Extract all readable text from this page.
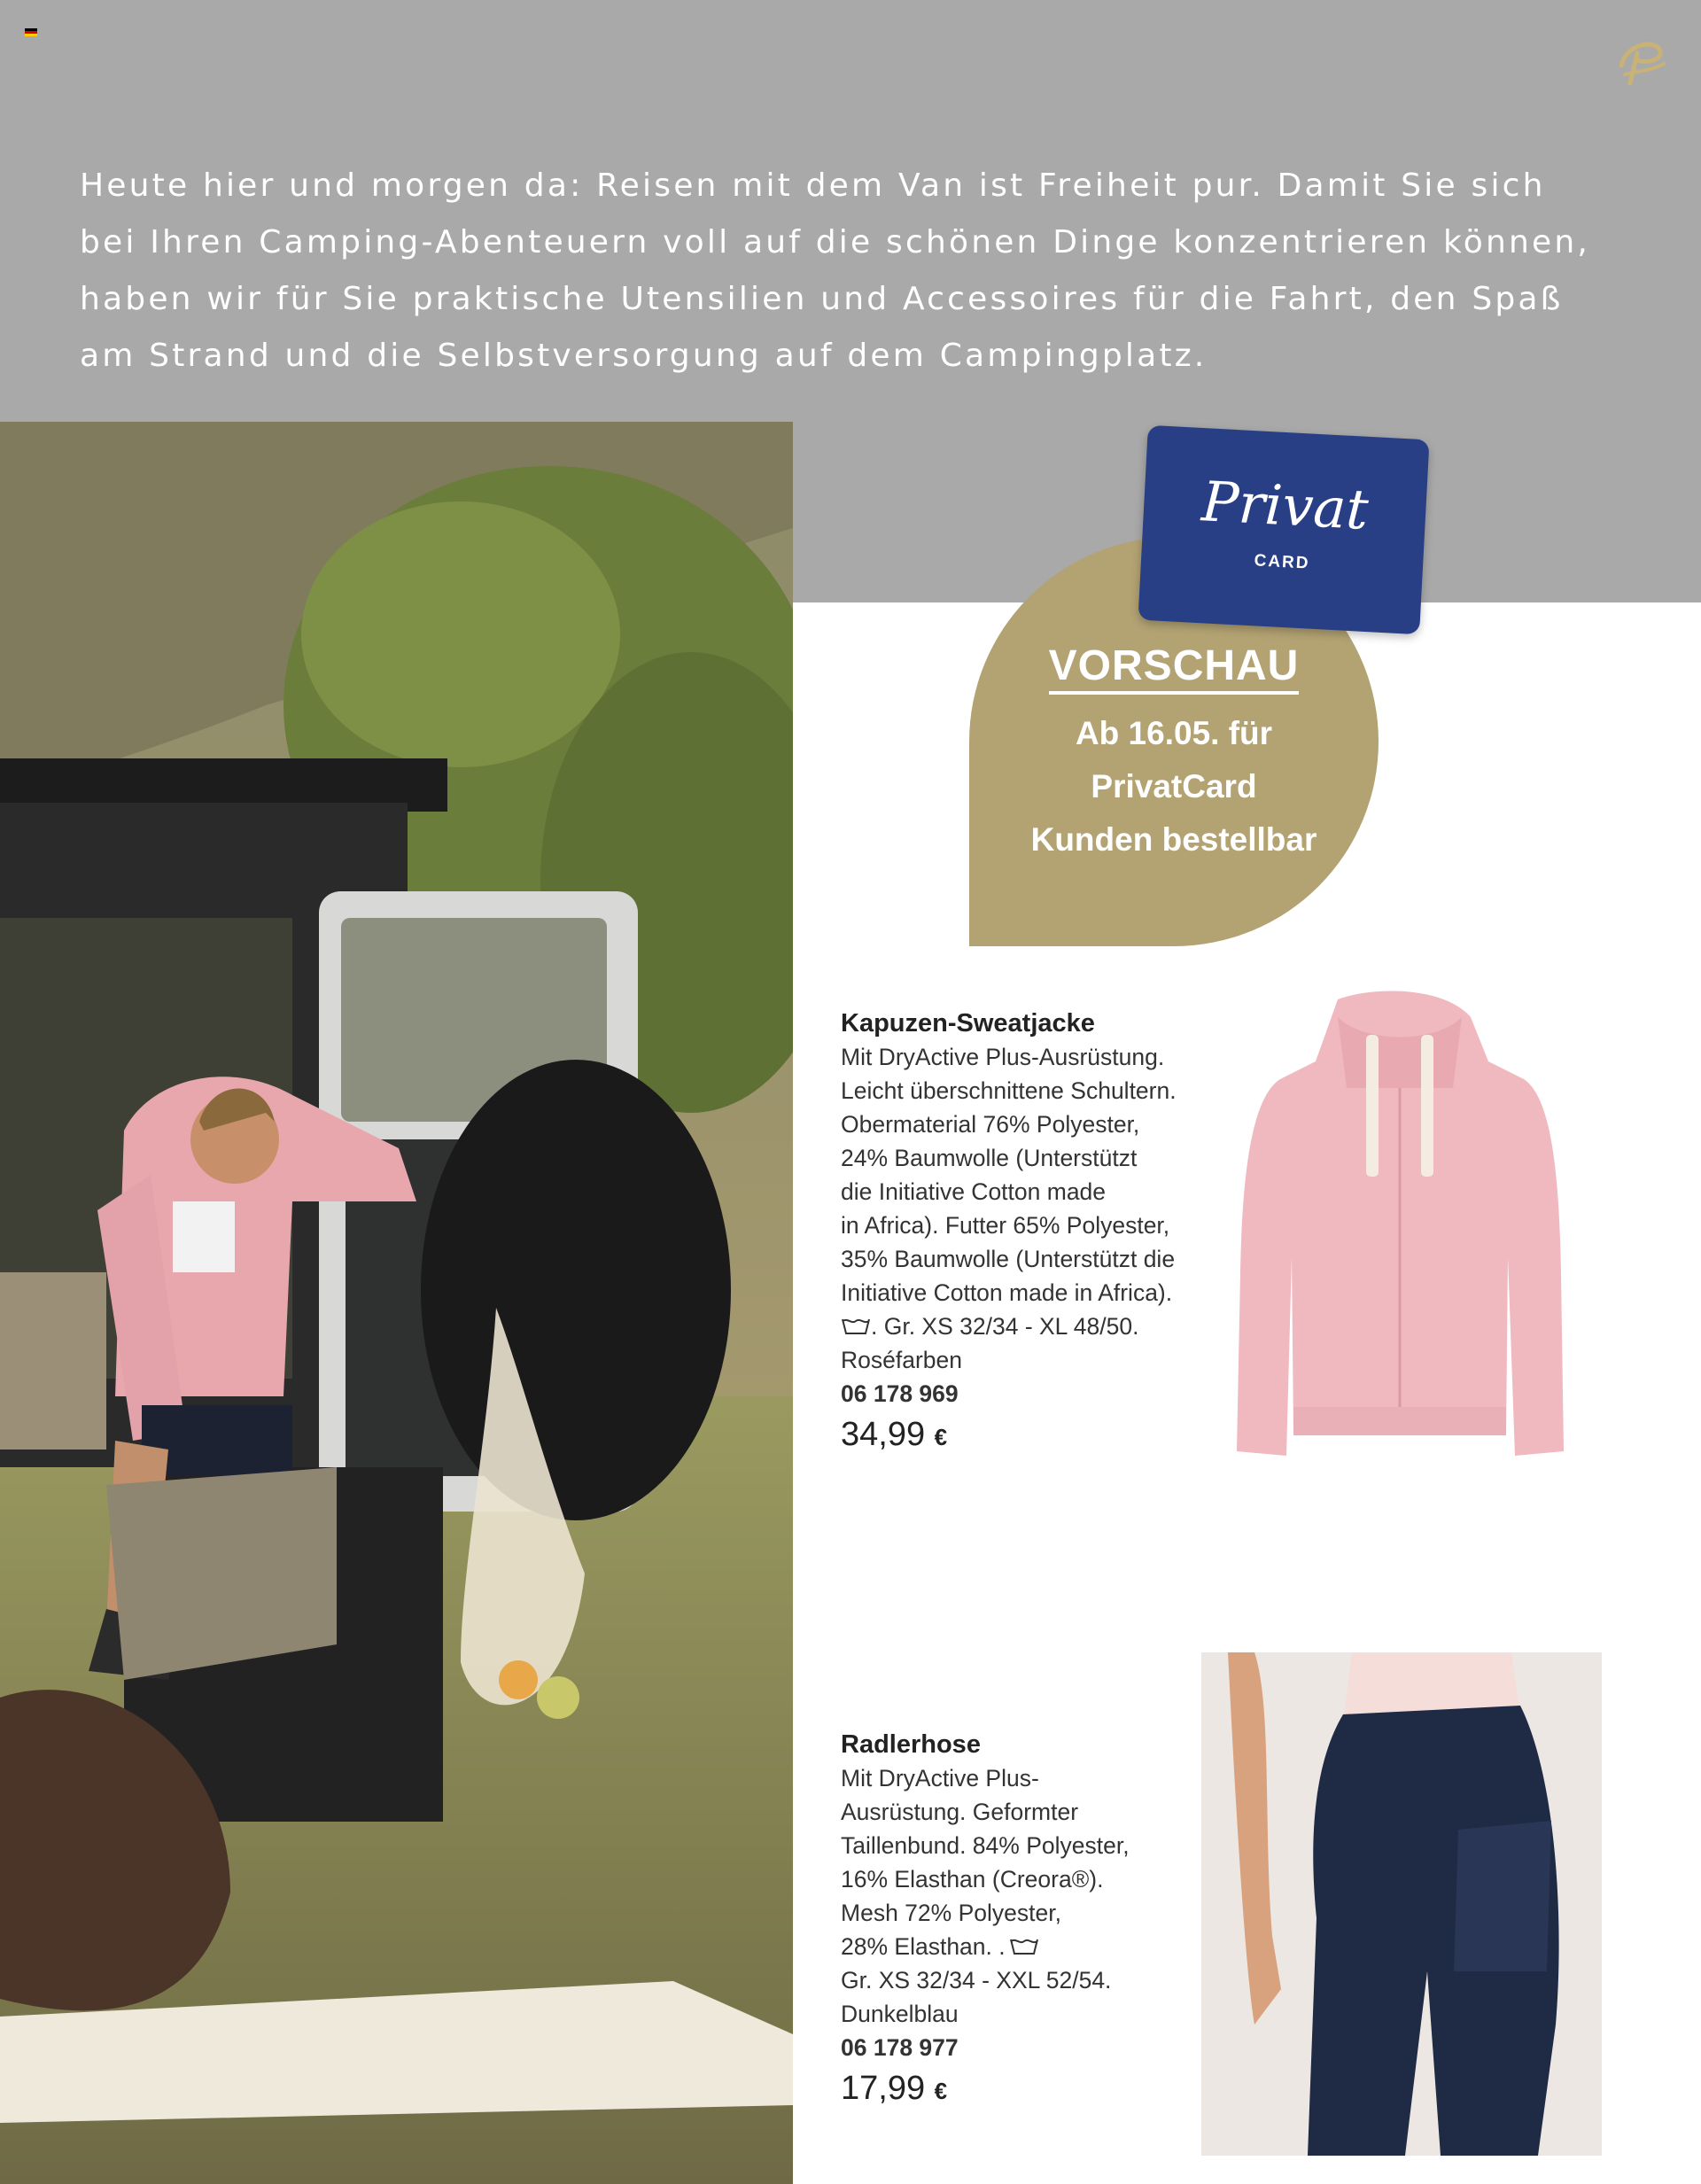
Heute hier und morgen da: Reisen mit dem Van ist Freiheit pur. Damit Sie sich
bei Ihren Camping-Abenteuern voll auf die schönen Dinge konzentrieren können,
haben wir für Sie praktische Utensilien und Accessoires für die Fahrt, den Spaß
am Strand und die Selbstversorgung auf dem Campingplatz.
VORSCHAU
Ab 16.05. für
PrivatCard
Kunden bestellbar
Privat
CARD
Kapuzen-Sweatjacke
Mit DryActive Plus-Ausrüstung.
Leicht überschnittene Schultern.
Obermaterial 76% Polyester,
24% Baumwolle (Unterstützt
die Initiative Cotton made
in Africa). Futter 65% Polyester,
35% Baumwolle (Unterstützt die
Initiative Cotton made in Africa).
. Gr. XS 32/34 - XL 48/50.
Roséfarben
06 178 969
34,99 €
Radlerhose
Mit DryActive Plus-
Ausrüstung. Geformter
Taillenbund. 84% Polyester,
16% Elasthan (Creora®).
Mesh 72% Polyester,
28% Elasthan. .
Gr. XS 32/34 - XXL 52/54.
Dunkelblau
06 178 977
17,99 €
